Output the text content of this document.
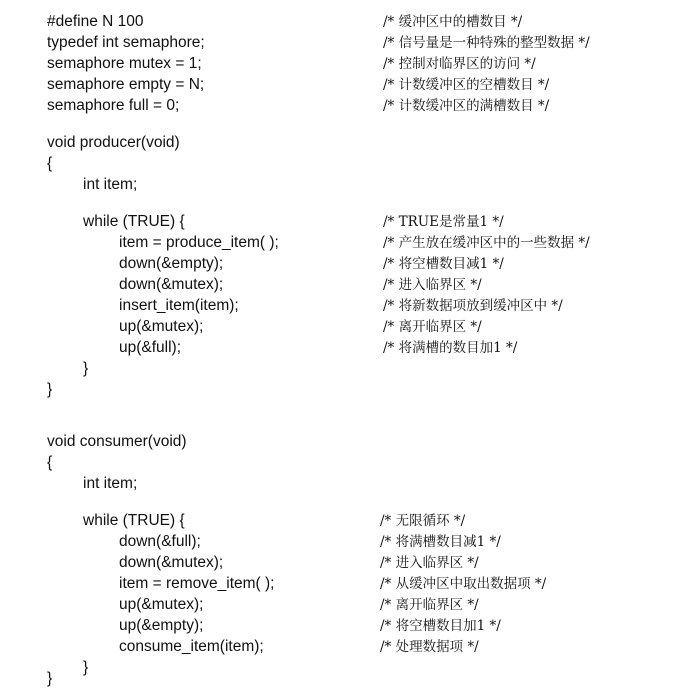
#define N 100	/* 缓冲区中的槽数目 */
typedef int semaphore;	/* 信号量是一种特殊的整型数据 */
semaphore mutex = 1;	/* 控制对临界区的访问 */
semaphore empty = N;	/* 计数缓冲区的空槽数目 */
semaphore full = 0;	/* 计数缓冲区的满槽数目 */
void producer(void)
{
int item;
while (TRUE) {	/* TRUE是常量1 */
item = produce_item( );	/* 产生放在缓冲区中的一些数据 */
down(&empty);	/* 将空槽数目减1 */
down(&mutex);	/* 进入临界区 */
insert_item(item);	/* 将新数据项放到缓冲区中 */
up(&mutex);	/* 离开临界区 */
up(&full);	/* 将满槽的数目加1 */
}
}
void consumer(void)
{
int item;
while (TRUE) {	/* 无限循环 */
down(&full);	/* 将满槽数目减1 */
down(&mutex);	/* 进入临界区 */
item = remove_item( );	/* 从缓冲区中取出数据项 */
up(&mutex);	/* 离开临界区 */
up(&empty);	/* 将空槽数目加1 */
consume_item(item);	/* 处理数据项 */
}
}
